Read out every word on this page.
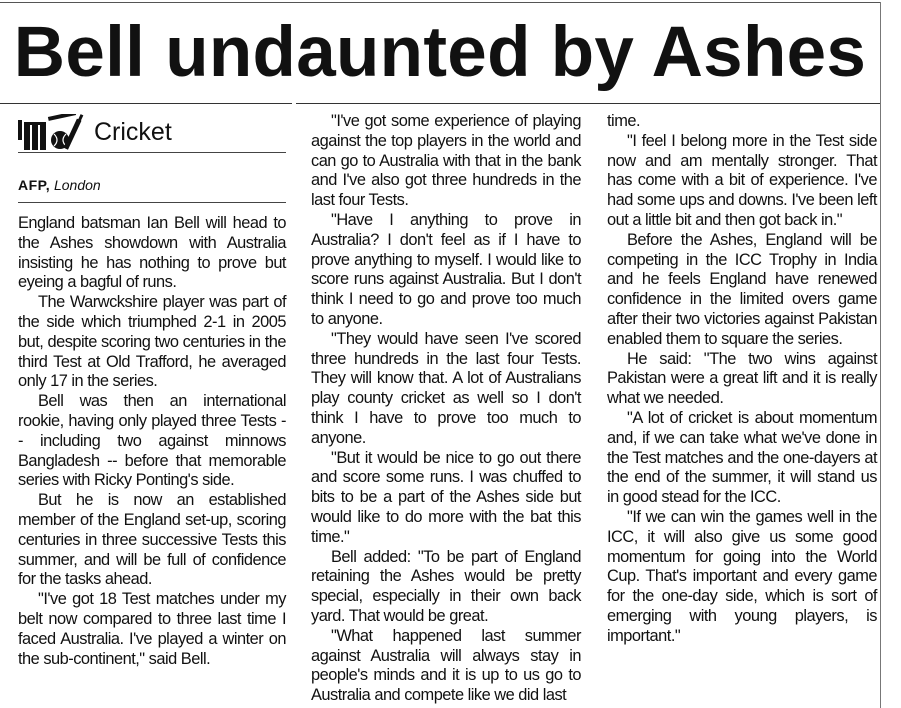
Bell undaunted by Ashes
Cricket
AFP, London

England batsman Ian Bell will head to the Ashes showdown with Australia insisting he has nothing to prove but eyeing a bagful of runs.

The Warwckshire player was part of the side which triumphed 2-1 in 2005 but, despite scoring two centuries in the third Test at Old Trafford, he averaged only 17 in the series.

Bell was then an international rookie, having only played three Tests -- including two against minnows Bangladesh -- before that memorable series with Ricky Ponting's side.

But he is now an established member of the England set-up, scoring centuries in three successive Tests this summer, and will be full of confidence for the tasks ahead.

"I've got 18 Test matches under my belt now compared to three last time I faced Australia. I've played a winter on the sub-continent," said Bell.

"I've got some experience of playing against the top players in the world and can go to Australia with that in the bank and I've also got three hundreds in the last four Tests.

"Have I anything to prove in Australia? I don't feel as if I have to prove anything to myself. I would like to score runs against Australia. But I don't think I need to go and prove too much to anyone.

"They would have seen I've scored three hundreds in the last four Tests. They will know that. A lot of Australians play county cricket as well so I don't think I have to prove too much to anyone.

"But it would be nice to go out there and score some runs. I was chuffed to bits to be a part of the Ashes side but would like to do more with the bat this time."

Bell added: "To be part of England retaining the Ashes would be pretty special, especially in their own back yard. That would be great.

"What happened last summer against Australia will always stay in people's minds and it is up to us go to Australia and compete like we did last

time.

"I feel I belong more in the Test side now and am mentally stronger. That has come with a bit of experience. I've had some ups and downs. I've been left out a little bit and then got back in."

Before the Ashes, England will be competing in the ICC Trophy in India and he feels England have renewed confidence in the limited overs game after their two victories against Pakistan enabled them to square the series.

He said: "The two wins against Pakistan were a great lift and it is really what we needed.

"A lot of cricket is about momentum and, if we can take what we've done in the Test matches and the one-dayers at the end of the summer, it will stand us in good stead for the ICC.

"If we can win the games well in the ICC, it will also give us some good momentum for going into the World Cup. That's important and every game for the one-day side, which is sort of emerging with young players, is important."
